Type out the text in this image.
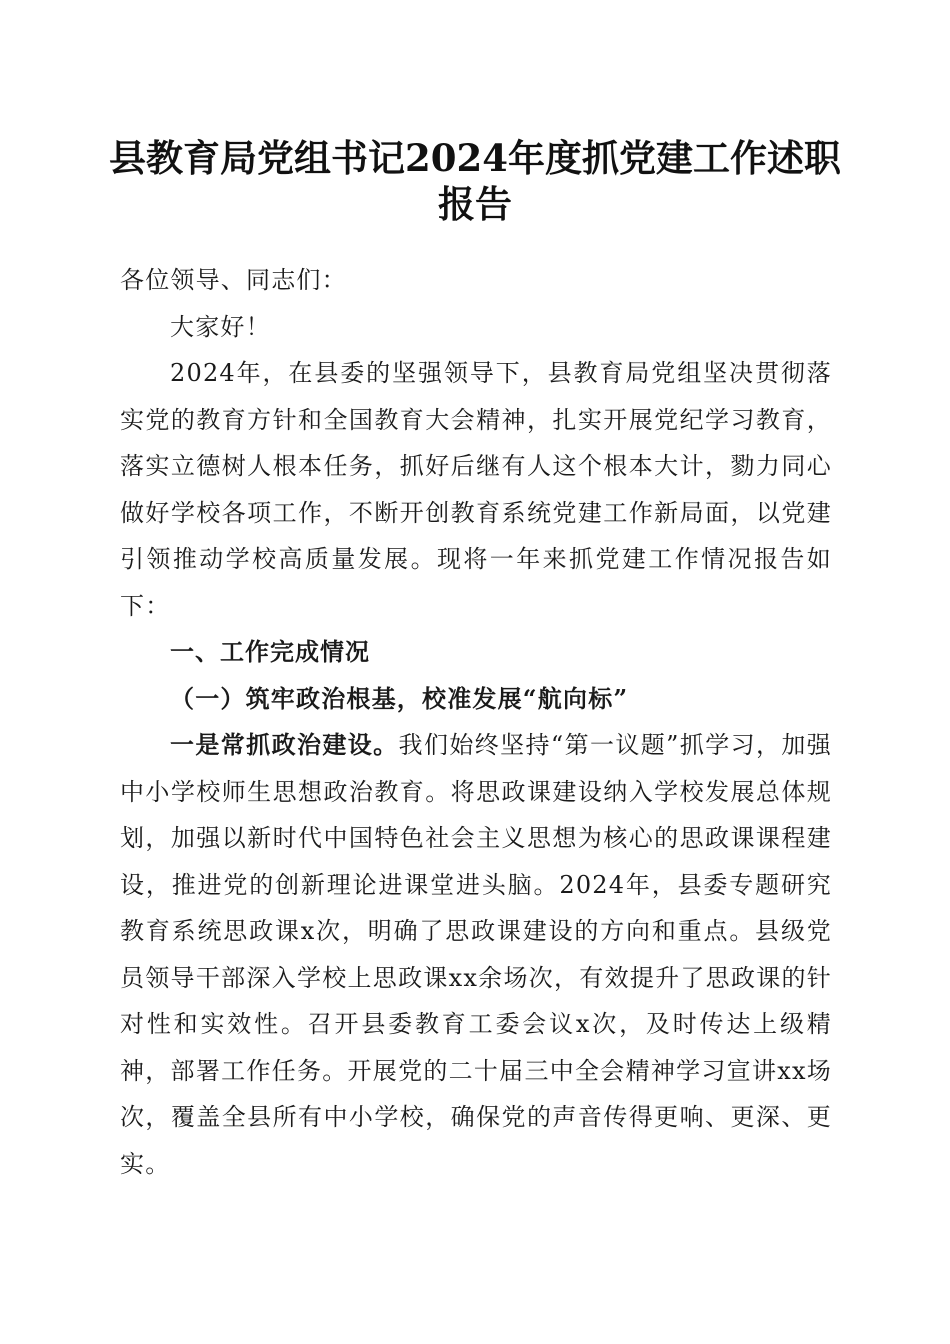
县教育局党组书记2024年度抓党建工作述职
报告

各位领导、同志们：

大家好！

2024年，在县委的坚强领导下，县教育局党组坚决贯彻落实党的教育方针和全国教育大会精神，扎实开展党纪学习教育，落实立德树人根本任务，抓好后继有人这个根本大计，勠力同心做好学校各项工作，不断开创教育系统党建工作新局面，以党建引领推动学校高质量发展。现将一年来抓党建工作情况报告如下：

一、工作完成情况

（一）筑牢政治根基，校准发展“航向标”

一是常抓政治建设。我们始终坚持“第一议题”抓学习，加强中小学校师生思想政治教育。将思政课建设纳入学校发展总体规划，加强以新时代中国特色社会主义思想为核心的思政课课程建设，推进党的创新理论进课堂进头脑。2024年，县委专题研究教育系统思政课x次，明确了思政课建设的方向和重点。县级党员领导干部深入学校上思政课xx余场次，有效提升了思政课的针对性和实效性。召开县委教育工委会议x次，及时传达上级精神，部署工作任务。开展党的二十届三中全会精神学习宣讲xx场次，覆盖全县所有中小学校，确保党的声音传得更响、更深、更实。
